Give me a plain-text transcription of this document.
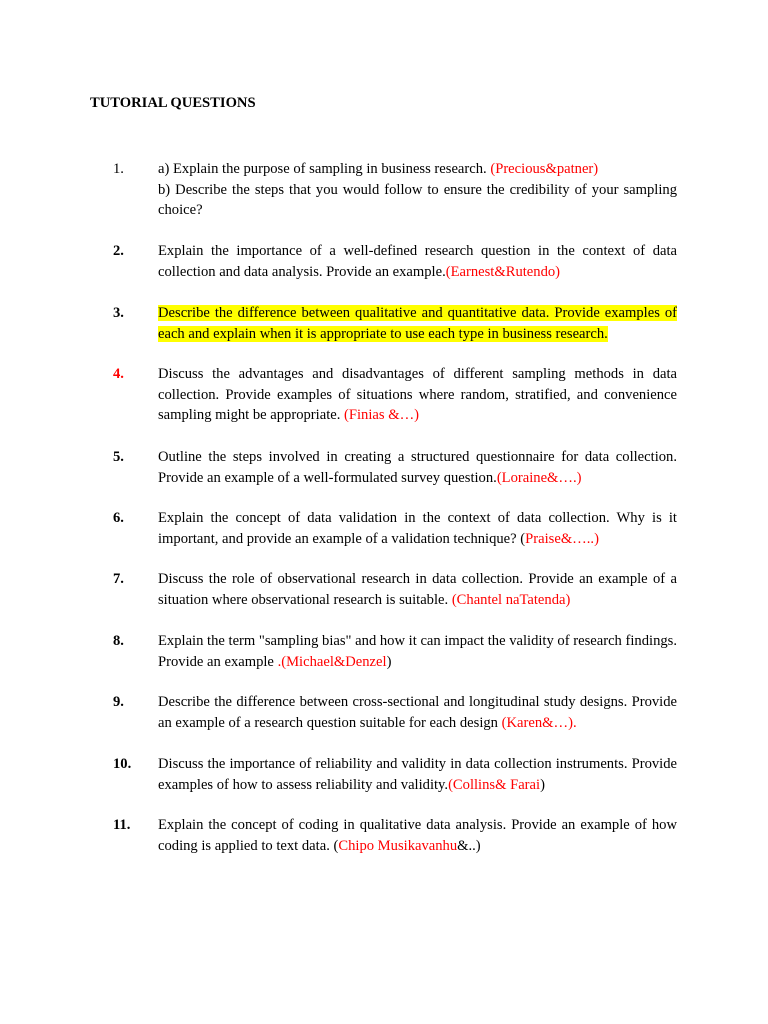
TUTORIAL QUESTIONS
1.	a) Explain the purpose of sampling in business research. (Precious&patner)
b) Describe the steps that you would follow to ensure the credibility of your sampling choice?
2.	Explain the importance of a well-defined research question in the context of data collection and data analysis. Provide an example.(Earnest&Rutendo)
3.	Describe the difference between qualitative and quantitative data. Provide examples of each and explain when it is appropriate to use each type in business research.
4.	Discuss the advantages and disadvantages of different sampling methods in data collection. Provide examples of situations where random, stratified, and convenience sampling might be appropriate. (Finias &…)
5.	Outline the steps involved in creating a structured questionnaire for data collection. Provide an example of a well-formulated survey question.(Loraine&….)
6.	Explain the concept of data validation in the context of data collection. Why is it important, and provide an example of a validation technique? (Praise&…..)
7.	Discuss the role of observational research in data collection. Provide an example of a situation where observational research is suitable. (Chantel naTatenda)
8.	Explain the term "sampling bias" and how it can impact the validity of research findings. Provide an example .(Michael&Denzel)
9.	Describe the difference between cross-sectional and longitudinal study designs. Provide an example of a research question suitable for each design (Karen&…).
10.	Discuss the importance of reliability and validity in data collection instruments. Provide examples of how to assess reliability and validity.(Collins& Farai)
11.	Explain the concept of coding in qualitative data analysis. Provide an example of how coding is applied to text data. (Chipo Musikavanhu&..)
